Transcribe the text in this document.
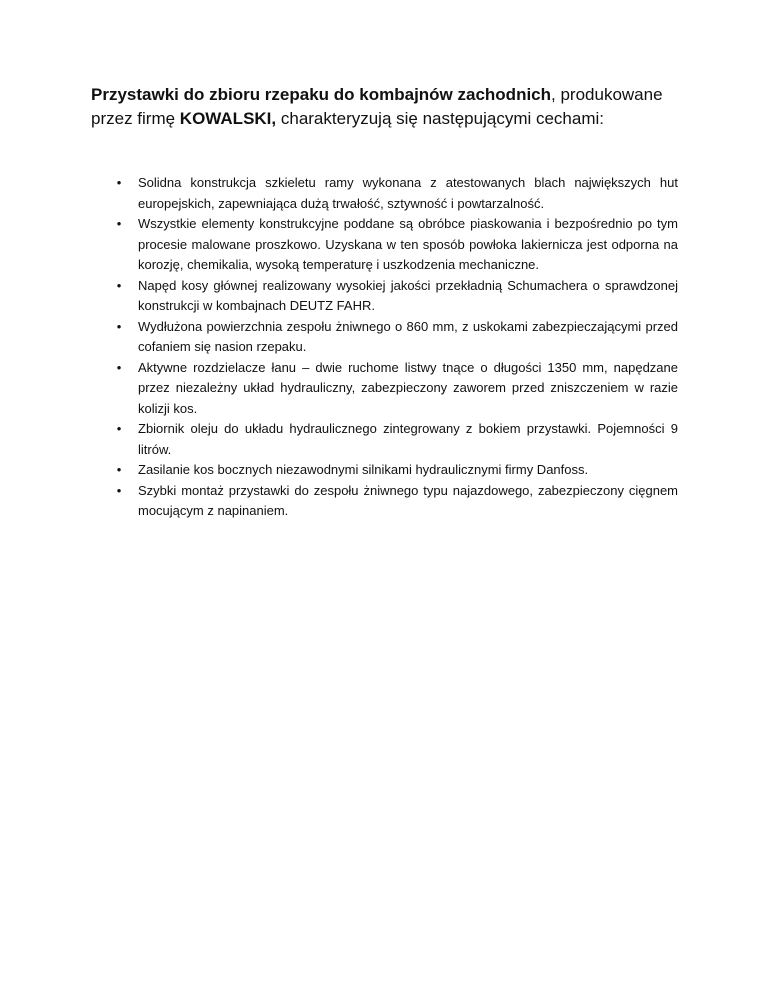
Przystawki do zbioru rzepaku do kombajnów zachodnich, produkowane przez firmę KOWALSKI, charakteryzują się następującymi cechami:

• Solidna konstrukcja szkieletu ramy wykonana z atestowanych blach największych hut europejskich, zapewniająca dużą trwałość, sztywność i powtarzalność.
• Wszystkie elementy konstrukcyjne poddane są obróbce piaskowania i bezpośrednio po tym procesie malowane proszkowo. Uzyskana w ten sposób powłoka lakiernicza jest odporna na korozję, chemikalia, wysoką temperaturę i uszkodzenia mechaniczne.
• Napęd kosy głównej realizowany wysokiej jakości przekładnią Schumachera o sprawdzonej konstrukcji w kombajnach DEUTZ FAHR.
• Wydłużona powierzchnia zespołu żniwnego o 860 mm, z uskokami zabezpieczającymi przed cofaniem się nasion rzepaku.
• Aktywne rozdzielacze łanu – dwie ruchome listwy tnące o długości 1350 mm, napędzane przez niezależny układ hydrauliczny, zabezpieczony zaworem przed zniszczeniem w razie kolizji kos.
• Zbiornik oleju do układu hydraulicznego zintegrowany z bokiem przystawki. Pojemności 9 litrów.
• Zasilanie kos bocznych niezawodnymi silnikami hydraulicznymi firmy Danfoss.
• Szybki montaż przystawki do zespołu żniwnego typu najazdowego, zabezpieczony cięgnem mocującym z napinaniem.
